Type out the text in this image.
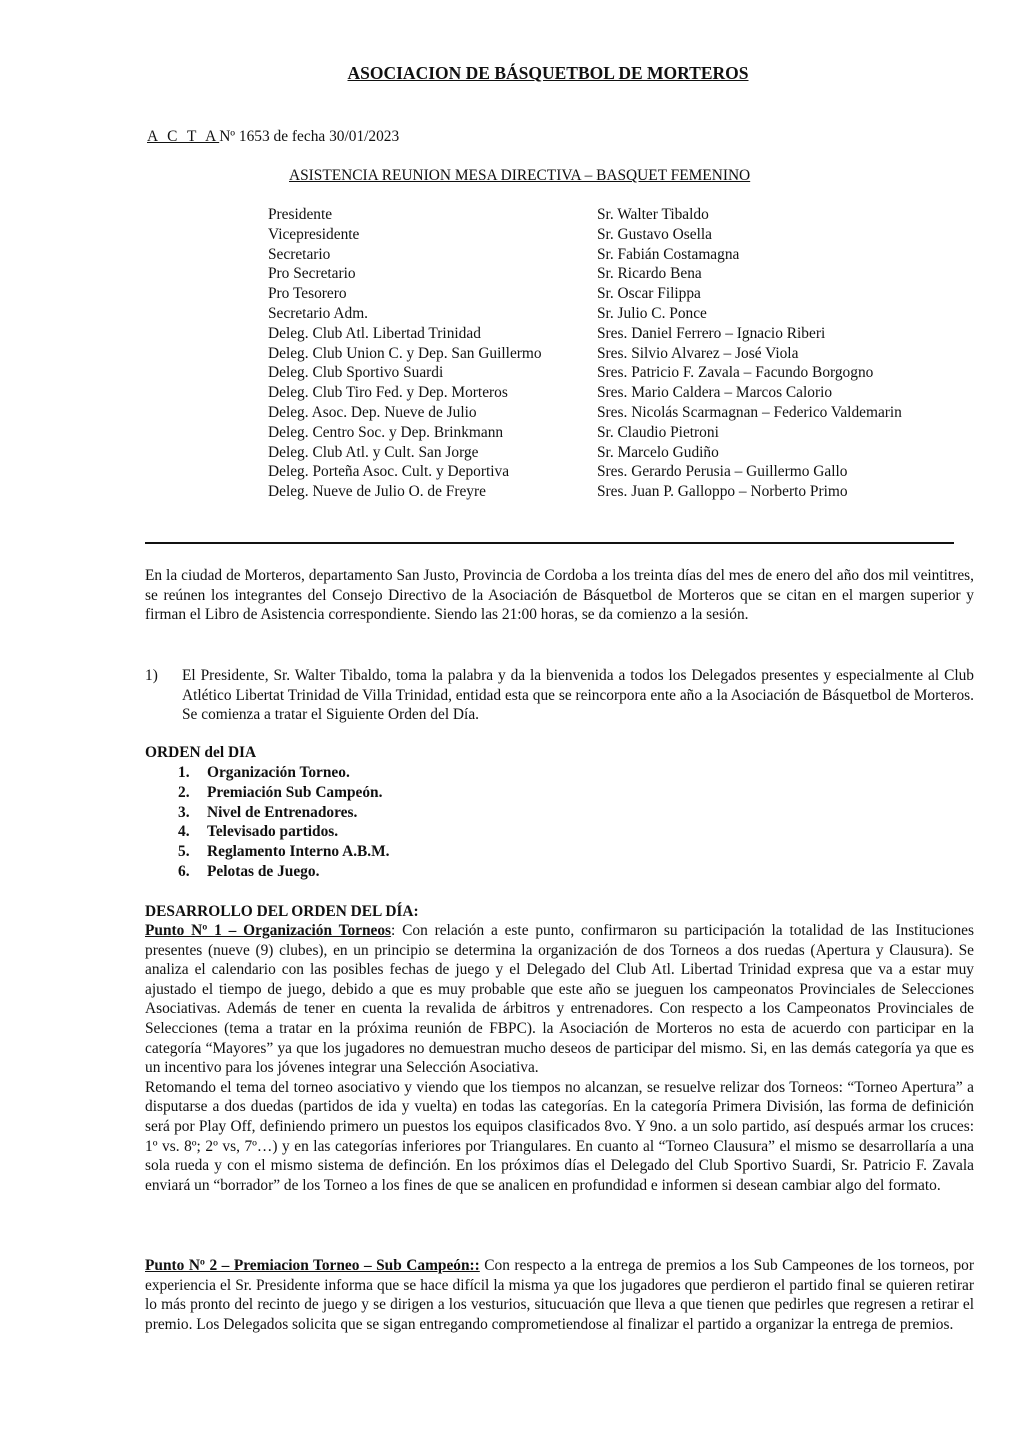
ASOCIACION DE BÁSQUETBOL DE MORTEROS
A C T ANº 1653 de fecha 30/01/2023
ASISTENCIA REUNION MESA DIRECTIVA – BASQUET FEMENINO
Presidente	Sr. Walter Tibaldo
Vicepresidente	Sr. Gustavo Osella
Secretario	Sr. Fabián Costamagna
Pro Secretario	Sr. Ricardo Bena
Pro Tesorero	Sr. Oscar Filippa
Secretario Adm.	Sr. Julio C. Ponce
Deleg. Club Atl. Libertad Trinidad	Sres. Daniel Ferrero – Ignacio Riberi
Deleg. Club Union C. y Dep. San Guillermo	Sres. Silvio Alvarez – José Viola
Deleg. Club Sportivo Suardi	Sres. Patricio F. Zavala – Facundo Borgogno
Deleg. Club Tiro Fed. y Dep. Morteros	Sres. Mario Caldera – Marcos Calorio
Deleg. Asoc. Dep. Nueve de Julio	Sres. Nicolás Scarmagnan – Federico Valdemarin
Deleg. Centro Soc. y Dep. Brinkmann	Sr. Claudio Pietroni
Deleg. Club Atl. y Cult. San Jorge	Sr. Marcelo Gudiño
Deleg. Porteña Asoc. Cult. y Deportiva	Sres. Gerardo Perusia – Guillermo Gallo
Deleg. Nueve de Julio O. de Freyre	Sres. Juan P. Galloppo – Norberto Primo
En la ciudad de Morteros, departamento San Justo, Provincia de Cordoba a los treinta días del mes de enero del año dos mil veintitres, se reúnen los integrantes del Consejo Directivo de la Asociación de Básquetbol de Morteros que se citan en el margen superior y firman el Libro de Asistencia correspondiente. Siendo las 21:00 horas, se da comienzo a la sesión.
1)	El Presidente, Sr. Walter Tibaldo, toma la palabra y da la bienvenida a todos los Delegados presentes y especialmente al Club Atlético Libertat Trinidad de Villa Trinidad, entidad esta que se reincorpora ente año a la Asociación de Básquetbol de Morteros. Se comienza a tratar el Siguiente Orden del Día.
ORDEN del DIA
1.	Organización Torneo.
2.	Premiación Sub Campeón.
3.	Nivel de Entrenadores.
4.	Televisado partidos.
5.	Reglamento Interno A.B.M.
6.	Pelotas de Juego.
DESARROLLO DEL ORDEN DEL DÍA:
Punto Nº 1 – Organización Torneos: Con relación a este punto, confirmaron su participación la totalidad de las Instituciones presentes (nueve (9) clubes), en un principio se determina la organización de dos Torneos a dos ruedas (Apertura y Clausura). Se analiza el calendario con las posibles fechas de juego y el Delegado del Club Atl. Libertad Trinidad expresa que va a estar muy ajustado el tiempo de juego, debido a que es muy probable que este año se jueguen los campeonatos Provinciales de Selecciones Asociativas. Además de tener en cuenta la revalida de árbitros y entrenadores. Con respecto a los Campeonatos Provinciales de Selecciones (tema a tratar en la próxima reunión de FBPC). la Asociación de Morteros no esta de acuerdo con participar en la categoría “Mayores” ya que los jugadores no demuestran mucho deseos de participar del mismo. Si, en las demás categoría ya que es un incentivo para los jóvenes integrar una Selección Asociativa.
Retomando el tema del torneo asociativo y viendo que los tiempos no alcanzan, se resuelve relizar dos Torneos: “Torneo Apertura” a disputarse a dos duedas (partidos de ida y vuelta) en todas las categorías. En la categoría Primera División, las forma de definición será por Play Off, definiendo primero un puestos los equipos clasificados 8vo. Y 9no. a un solo partido, así después armar los cruces: 1º vs. 8º; 2º vs, 7º…) y en las categorías inferiores por Triangulares. En cuanto al “Torneo Clausura” el mismo se desarrollaría a una sola rueda y con el mismo sistema de definción. En los próximos días el Delegado del Club Sportivo Suardi, Sr. Patricio F. Zavala enviará un “borrador” de los Torneo a los fines de que se analicen en profundidad e informen si desean cambiar algo del formato.
Punto Nº 2 – Premiacion Torneo – Sub Campeón:: Con respecto a la entrega de premios a los Sub Campeones de los torneos, por experiencia el Sr. Presidente informa que se hace difícil la misma ya que los jugadores que perdieron el partido final se quieren retirar lo más pronto del recinto de juego y se dirigen a los vesturios, situcuación que lleva a que tienen que pedirles que regresen a retirar el premio. Los Delegados solicita que se sigan entregando comprometiendose al finalizar el partido a organizar la entrega de premios.
